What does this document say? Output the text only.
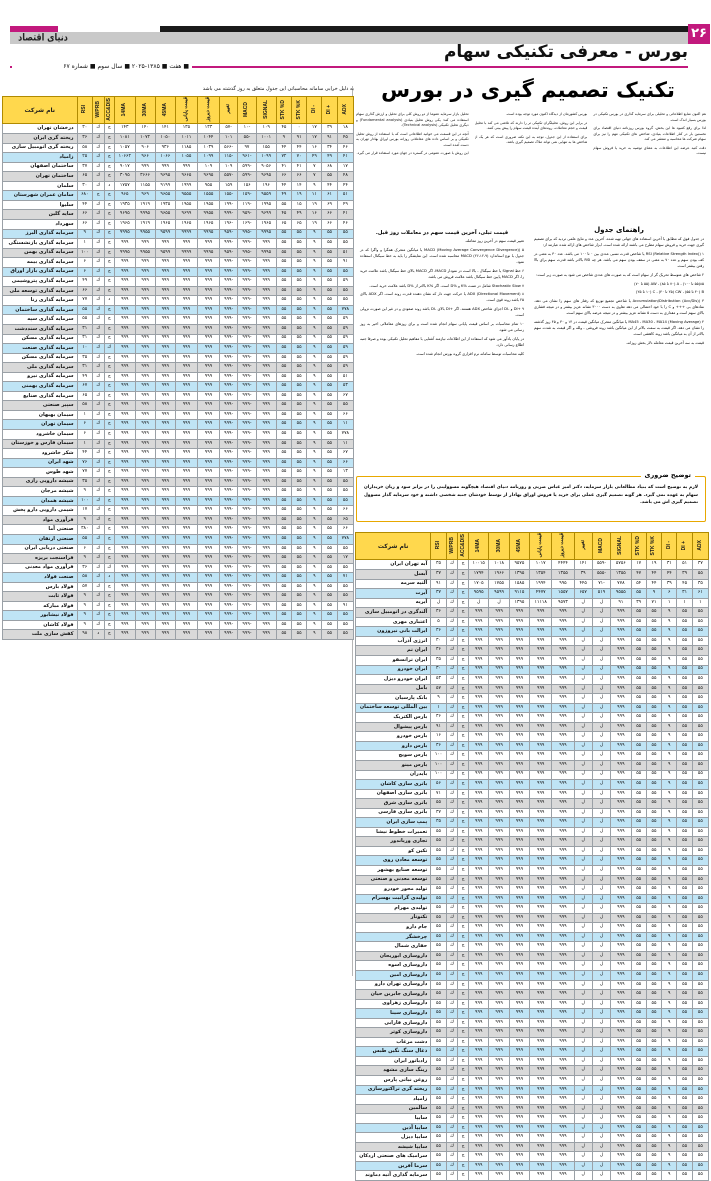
دنیای اقتصاد	۲۶
بورس - معرفی تکنیکی سهام
■ هفت ■ ۱۳۸۵-۲۰۲۵ ■ سال سوم ■ شماره ۶۷
تکنیک تصمیم گیری در بورس

تحلیل بازار سرمایه عموما از دو روش کلی برای تحلیل و ارزش گذاری سهام استفاده می کند: یکی روش تحلیل بنیادی (Fundamental analysis) و دیگری تحلیل تکنیکی (Technical analysis).

آنچه در این قسمت می خوانید اطلاعاتی است که با استفاده از روش تحلیل تکنیکی و بر اساس داده های معاملاتی روزانه بورس اوراق بهادار تهران به دست آمده است.

این روش با صورت عمومی در گستره در جهان مورد استفاده قرار می گیرد.

بورس کشورمان از دیدگاه اکنون مورد توجه بوده است.

در برابر این روش، تحلیلگران تکنیکی تر را دارند که تلاشی می کند با تحلیل قیمت و حجم معاملات، روندهای آینده قیمت سهام را پیش بینی کنند.

برای استفاده از این جدول، توجه به این نکته ضروری است که هر یک از شاخص ها به تنهایی نمی تواند ملاک تصمیم گیری باشد.

هم اکنون منابع اطلاعاتی و تحلیلی برای سرمایه گذاری در بورس تکنیکی در بورس بسیار اندک است.

لذا برای رفع کمبود ها این بخش، گروه بورس روزنامه دنیای اقتصاد برای نخستین بار در کنار اطلاعات بنیادی، شاخص های تکنیکی مهم را نیز برای سهام شرکت ها محاسبه و منتشر می کند.

دقت کنید عرضه این اطلاعات به معنای توصیه به خرید یا فروش سهام نیست.

راهنمای جدول

در جدول فوق که مطابق با آخرین استفاده های جهانی تهیه شده، آخرین عدد و نتایج علمی تردید که برای تصمیم گیری جهت خرید و فروش سهام مطرح می باشند ارائه شده است. ابزار شاخص های ارائه شده عبارتند از:

۱ (RSI (Relative Strength Index) یا شاخص قدرت نسبی عددی بین ۰ تا ۱۰۰ می باشد. عدد ۳۰ به معنی در کف بودن سهم و عدد ۷۰ به معنی در سقف بودن سهم می باشد. هر چه RSI بالاتر باشد قدرت سهم برای بالا رفتن بیشتر است.

۲ شاخص های متوسط تحریک گر از سهام است که به صورت های عددی شاخص می شود به صورت زیر است:

۸۵(۵۵ تا ۱۰۰) ، A (۷۰ تا ۸۵) ، AW (۵۵ تا ۷۰)

B (۴۰ تا ۵۵) ، CW (۲۵ تا ۴۰) ، C (۱۰ تا ۲۵)

۳ (Accumulation/Distribution (Acc/Dis) یا شاخص تجمیع توزیع که رفتار های سهم را نشان می دهد. نمادهای بی +++ و C را با خود احتمالی می دهد تقاوی به دست ۳۰۰۰ نشانه عزیز بیشتر و در نتیجه فشاری بالای سهم است و مقداری به دست ۵ نشانه عزیز بیشتر و در نتیجه عرضه بالای سهم است.

۴ (Moving Average) MA45 ، MA30 ، MA14 یا میانگین متحرک میانگین قیمت در ۱۴ و ۳۰ و ۴۵ روز گذشته را نشان می دهد. اگر قیمت به سمت بالاتر از این میانگین باشد روند فروشی - ولله و اگر قیمت به شدت سهم بالاتر از آن به میانگین باشد روند کاهشی است.

قیمت به سه آخرین قیمت معامله دلار بخش روزانه.

قیمت تبلی، آخرین قیمت سهم در معاملات روز قبل.

تغییر قیمت سهم در آخرین روز معامله.

۵ (MACD (Moving Average Convergence Divergence) یا میانگین متحرک همگرا و واگرا که در جدول با نوع استاندارد (۲۶،۱۲،۹) MACD محاسبه شده است. این نمایشگر را باید به خط سیگنال استفاده نمود.

۶ خط Signal یا خط سیگنال - بالا است در نمودار MACD. اگر MACD بالای خط سیگنال باشد علامت خرید را، اگر MACD پایین خط سیگنال باشد علامت فروش می باشد.

۷ Stochastic Slow شامل در تست %K و %D است. اگر %K بالاتر از %D باشد علامت خرید است.

۸ (Directional Movement) ADX یا حرکت جهت دار که نشان دهنده قدرت روند است. اگر ADX بالای ۲۵ باشد روند قوی است.

۹ +DI و -DI اجزای شاخص ADX هستند. اگر +DI بالای -DI باشد روند صعودی و در غیر این صورت نزولی است.

۱۰ تمام محاسبات بر اساس قیمت پایانی سهام انجام شده است و برای روزهای معاملاتی اخیر به روز رسانی می شود.

در پایان یادآور می شود که استفاده از این اطلاعات نیازمند آشنایی با مفاهیم تحلیل تکنیکی بوده و صرفا جنبه اطلاع رسانی دارد.

کلیه محاسبات توسط سامانه نرم افزاری گروه بورس انجام شده است.

توضیح ضروری

لازم به توضیح است که بنیاد مطالعاتی بازار سرمایه، دکتر امیر عباس ضربی و روزنامه دنیای اقتصاد هیچگونه مسوولیتی را در برابر سود و زیان خریداران سهام به عهده نمی گیرد. هر گونه تصمیم گیری عملی برای خرید یا فروش اوراق بهادار از توسط خودشان جنبه شخصی داشته و خود سرمایه گذار مسوول تصمیم گیری اش می باشد.

ADX	+ DI	- DI	STK %K	STK %D	SIGNAL	MACD	تغییر	قیمت دیروز	قیمت پایانی	45MA	30MA	14MA	ACC&DIS	W/PRB	RSI	نام شرکت
۳۷	۵۱	۳۱	۱۹	۱۷	۵۷۵۶	-۵۵۹	۱۴۱	۴۴۴۴	۱۰۱۷	۹۵۷۵	۱۰۱۸	۱۰۰۱۵	ج	ك	۳۵	آبه تهران ایران
۵۵	۳۹	۴۴	۴۴	۴۷	۱۳۵۵	-۵۵۵	۳۹	۱۳۵۵	۱۳۵۴	۱۳۹۵	۱۹۶۶	۱۷۹۴	ج	ك	۳۷	آبسل
۳۵	۴۵	۳۹	۴۴	۵۴	۷۷۸	-۷۱	۴۴۵	۹۹۵	۱۹۹۴	۱۵۸۵	۱۷۵۵	۱۷۰۵	ج	ك	۹۱	آلتیه سرمه
۶۱	۳۱	۶	۹	۵۵	۹۵۵۵	۵۱۹	۶۵۷	۱۵۵۷	۴۴۷۷	۹۱۱۵	۹۵۹۹	۹۵۹۵	ج	ك	۳۷	آیرت
۱	۱	۱	۷۱	۳۹	۹۱	ل	ل	۹۵۷۳	۱۱۱۱۸	۱۳۹۵	ل	ل	ج	ك	ل	آیربه
۵۵	۵۵	۹	۵۵	۵۵	۹۹۹	ل	ل	۹۹۹	۹۹۹	۹۹۹	۹۹۹	۹۹۹	ج	ك	۳۶	آلندگری در اتومبیل سازی
۵۵	۵۵	۹	۵۵	۵۵	۹۹۹	ل	ل	۹۹۹	۹۹۹	۹۹۹	۹۹۹	۹۹۹	ج	ك	۵	اعتباری مهری
۵۵	۵۵	۹	۵۵	۵۵	۹۹۹	ل	ل	۹۹۹	۹۹۹	۹۹۹	۹۹۹	۹۹۹	ج	ك	۳۶	ایرالت بانی نیروزون
۵۵	۵۵	۹	۵۵	۵۵	۹۹۹	ل	ل	۹۹۹	۹۹۹	۹۹۹	۹۹۹	۹۹۹	ج	ك	۳۰	انرژی آذرآب
۵۵	۵۵	۹	۵۵	۵۵	۹۹۹	ل	ل	۹۹۹	۹۹۹	۹۹۹	۹۹۹	۹۹۹	ج	ك	۳۶	ایران تم
۵۵	۵۵	۹	۵۵	۵۵	۹۹۹	ل	ل	۹۹۹	۹۹۹	۹۹۹	۹۹۹	۹۹۹	ج	ك	۳۵	ایران ترانسفو
۵۵	۵۵	۹	۵۵	۵۵	۹۹۹	ل	ل	۹۹۹	۹۹۹	۹۹۹	۹۹۹	۹۹۹	ج	ك	۳۰	ایران خودرو
۵۵	۵۵	۹	۵۵	۵۵	۹۹۹	ل	ل	۹۹۹	۹۹۹	۹۹۹	۹۹۹	۹۹۹	ج	ك	۵۳	ایران خودرو دیزل
۵۵	۵۵	۹	۵۵	۵۵	۹۹۹	ل	ل	۹۹۹	۹۹۹	۹۹۹	۹۹۹	۹۹۹	ج	ك	۵۷	بامل
۵۵	۵۵	۹	۵۵	۵۵	۹۹۹	ل	ل	۹۹۹	۹۹۹	۹۹۹	۹۹۹	۹۹۹	ج	ك	۹	بانک پارسیان
۵۵	۵۵	۹	۵۵	۵۵	۹۹۹	ل	ل	۹۹۹	۹۹۹	۹۹۹	۹۹۹	۹۹۹	ج	ك	۱	بین المللی توسعه ساختمان
۵۵	۵۵	۹	۵۵	۵۵	۹۹۹	ل	ل	۹۹۹	۹۹۹	۹۹۹	۹۹۹	۹۹۹	ج	ك	۳۶	بارس الکتریک
۵۵	۵۵	۹	۵۵	۵۵	۹۹۹	ل	ل	۹۹۹	۹۹۹	۹۹۹	۹۹۹	۹۹۹	ج	ك	۹۱	بارس پیشوال
۵۵	۵۵	۹	۵۵	۵۵	۹۹۹	ل	ل	۹۹۹	۹۹۹	۹۹۹	۹۹۹	۹۹۹	ج	ك	۱۶	بارس خودرو
۵۵	۵۵	۹	۵۵	۵۵	۹۹۹	ل	ل	۹۹۹	۹۹۹	۹۹۹	۹۹۹	۹۹۹	ج	ك	۳۶	بارس دارو
۵۵	۵۵	۹	۵۵	۵۵	۹۹۹	ل	ل	۹۹۹	۹۹۹	۹۹۹	۹۹۹	۹۹۹	ج	ك	۱۰۰	بارس سویچ
۵۵	۵۵	۹	۵۵	۵۵	۹۹۹	ل	ل	۹۹۹	۹۹۹	۹۹۹	۹۹۹	۹۹۹	ج	ك	۱۰۰	بارس مینو
۵۵	۵۵	۹	۵۵	۵۵	۹۹۹	ل	ل	۹۹۹	۹۹۹	۹۹۹	۹۹۹	۹۹۹	ج	ك	۱۰۰	بایدران
۵۵	۵۵	۹	۵۵	۵۵	۹۹۹	ل	ل	۹۹۹	۹۹۹	۹۹۹	۹۹۹	۹۹۹	ج	ك	۵۶	باتری سازی کاشان
۵۵	۵۵	۹	۵۵	۵۵	۹۹۹	ل	ل	۹۹۹	۹۹۹	۹۹۹	۹۹۹	۹۹۹	ج	ك	۷۱	باتری سازی اصفهان
۵۵	۵۵	۹	۵۵	۵۵	۹۹۹	ل	ل	۹۹۹	۹۹۹	۹۹۹	۹۹۹	۹۹۹	ج	ك	۵۵	باتری سازی شرق
۵۵	۵۵	۹	۵۵	۵۵	۹۹۹	ل	ل	۹۹۹	۹۹۹	۹۹۹	۹۹۹	۹۹۹	ج	ك	۳۷	باتری سازی فارسی
۵۵	۵۵	۹	۵۵	۵۵	۹۹۹	ل	ل	۹۹۹	۹۹۹	۹۹۹	۹۹۹	۹۹۹	ج	ك	۳۵	پمپ سازی ایران
۵۵	۵۵	۹	۵۵	۵۵	۹۹۹	ل	ل	۹۹۹	۹۹۹	۹۹۹	۹۹۹	۹۹۹	ج	ك	۵۵	تعمیرات خطوط نیشا
۵۵	۵۵	۹	۵۵	۵۵	۹۹۹	ل	ل	۹۹۹	۹۹۹	۹۹۹	۹۹۹	۹۹۹	ج	ك	۵۵	تجاری وریاندور
۵۵	۵۵	۹	۵۵	۵۵	۹۹۹	ل	ل	۹۹۹	۹۹۹	۹۹۹	۹۹۹	۹۹۹	ج	ك	۵۵	تکین کو
۵۵	۵۵	۹	۵۵	۵۵	۹۹۹	ل	ل	۹۹۹	۹۹۹	۹۹۹	۹۹۹	۹۹۹	ج	ك	۵۵	توسعه معادن روی
۵۵	۵۵	۹	۵۵	۵۵	۹۹۹	ل	ل	۹۹۹	۹۹۹	۹۹۹	۹۹۹	۹۹۹	ج	ك	۵۵	توسعه صنایع بهشهر
۵۵	۵۵	۹	۵۵	۵۵	۹۹۹	ل	ل	۹۹۹	۹۹۹	۹۹۹	۹۹۹	۹۹۹	ج	ك	۵۵	توسعه معدنی و صنعتی
۵۵	۵۵	۹	۵۵	۵۵	۹۹۹	ل	ل	۹۹۹	۹۹۹	۹۹۹	۹۹۹	۹۹۹	ج	ك	۵۵	تولید محور خودرو
۵۵	۵۵	۹	۵۵	۵۵	۹۹۹	ل	ل	۹۹۹	۹۹۹	۹۹۹	۹۹۹	۹۹۹	ج	ك	۵۵	تولیدی گرانیت بهسرام
۵۵	۵۵	۹	۵۵	۵۵	۹۹۹	ل	ل	۹۹۹	۹۹۹	۹۹۹	۹۹۹	۹۹۹	ج	ك	۵۵	تولیدی مهرام
۵۵	۵۵	۹	۵۵	۵۵	۹۹۹	ل	ل	۹۹۹	۹۹۹	۹۹۹	۹۹۹	۹۹۹	ج	ك	۵۵	تکنوتار
۵۵	۵۵	۹	۵۵	۵۵	۹۹۹	ل	ل	۹۹۹	۹۹۹	۹۹۹	۹۹۹	۹۹۹	ج	ك	۵۵	جام دارو
۵۵	۵۵	۹	۵۵	۵۵	۹۹۹	ل	ل	۹۹۹	۹۹۹	۹۹۹	۹۹۹	۹۹۹	ج	ك	۵۵	چرخشگر
۵۵	۵۵	۹	۵۵	۵۵	۹۹۹	ل	ل	۹۹۹	۹۹۹	۹۹۹	۹۹۹	۹۹۹	ج	ك	۵۵	حفاری شمال
۵۵	۵۵	۹	۵۵	۵۵	۹۹۹	ل	ل	۹۹۹	۹۹۹	۹۹۹	۹۹۹	۹۹۹	ج	ك	۵۵	داروسازی ابوریحان
۵۵	۵۵	۹	۵۵	۵۵	۹۹۹	ل	ل	۹۹۹	۹۹۹	۹۹۹	۹۹۹	۹۹۹	ج	ك	۵۵	داروسازی اسوه
۵۵	۵۵	۹	۵۵	۵۵	۹۹۹	ل	ل	۹۹۹	۹۹۹	۹۹۹	۹۹۹	۹۹۹	ج	ك	۵۵	داروسازی امین
۵۵	۵۵	۹	۵۵	۵۵	۹۹۹	ل	ل	۹۹۹	۹۹۹	۹۹۹	۹۹۹	۹۹۹	ج	ك	۵۵	داروسازی تهران دارو
۵۵	۵۵	۹	۵۵	۵۵	۹۹۹	ل	ل	۹۹۹	۹۹۹	۹۹۹	۹۹۹	۹۹۹	ج	ك	۵۵	داروسازی جابربن حیان
۵۵	۵۵	۹	۵۵	۵۵	۹۹۹	ل	ل	۹۹۹	۹۹۹	۹۹۹	۹۹۹	۹۹۹	ج	ك	۵۵	داروسازی زهراوی
۵۵	۵۵	۹	۵۵	۵۵	۹۹۹	ل	ل	۹۹۹	۹۹۹	۹۹۹	۹۹۹	۹۹۹	ج	ك	۵۵	داروسازی سینا
۵۵	۵۵	۹	۵۵	۵۵	۹۹۹	ل	ل	۹۹۹	۹۹۹	۹۹۹	۹۹۹	۹۹۹	ج	ك	۵۵	داروسازی فارابی
۵۵	۵۵	۹	۵۵	۵۵	۹۹۹	ل	ل	۹۹۹	۹۹۹	۹۹۹	۹۹۹	۹۹۹	ج	ك	۵۵	داروسازی کوثر
۵۵	۵۵	۹	۵۵	۵۵	۹۹۹	ل	ل	۹۹۹	۹۹۹	۹۹۹	۹۹۹	۹۹۹	ج	ك	۵۵	دشت مرغاب
۵۵	۵۵	۹	۵۵	۵۵	۹۹۹	ل	ل	۹۹۹	۹۹۹	۹۹۹	۹۹۹	۹۹۹	ج	ك	۵۵	ذغال سنگ نگین طبس
۵۵	۵۵	۹	۵۵	۵۵	۹۹۹	ل	ل	۹۹۹	۹۹۹	۹۹۹	۹۹۹	۹۹۹	ج	ك	۵۵	رادیاتور ایران
۵۵	۵۵	۹	۵۵	۵۵	۹۹۹	ل	ل	۹۹۹	۹۹۹	۹۹۹	۹۹۹	۹۹۹	ج	ك	۵۵	رینگ سازی مشهد
۵۵	۵۵	۹	۵۵	۵۵	۹۹۹	ل	ل	۹۹۹	۹۹۹	۹۹۹	۹۹۹	۹۹۹	ج	ك	۵۵	روغن نباتی پارس
۵۵	۵۵	۹	۵۵	۵۵	۹۹۹	ل	ل	۹۹۹	۹۹۹	۹۹۹	۹۹۹	۹۹۹	ج	ك	۵۵	ریخته گری تراکتورسازی
۵۵	۵۵	۹	۵۵	۵۵	۹۹۹	ل	ل	۹۹۹	۹۹۹	۹۹۹	۹۹۹	۹۹۹	ج	ك	۵۵	زامیاد
۵۵	۵۵	۹	۵۵	۵۵	۹۹۹	ل	ل	۹۹۹	۹۹۹	۹۹۹	۹۹۹	۹۹۹	ج	ك	۵۵	سالمین
۵۵	۵۵	۹	۵۵	۵۵	۹۹۹	ل	ل	۹۹۹	۹۹۹	۹۹۹	۹۹۹	۹۹۹	ج	ك	۵۵	سایپا
۵۵	۵۵	۹	۵۵	۵۵	۹۹۹	ل	ل	۹۹۹	۹۹۹	۹۹۹	۹۹۹	۹۹۹	ج	ك	۵۵	سایپا آذین
۵۵	۵۵	۹	۵۵	۵۵	۹۹۹	ل	ل	۹۹۹	۹۹۹	۹۹۹	۹۹۹	۹۹۹	ج	ك	۵۵	سایپا دیزل
۵۵	۵۵	۹	۵۵	۵۵	۹۹۹	ل	ل	۹۹۹	۹۹۹	۹۹۹	۹۹۹	۹۹۹	ج	ك	۵۵	سایپا شیشه
۵۵	۵۵	۹	۵۵	۵۵	۹۹۹	ل	ل	۹۹۹	۹۹۹	۹۹۹	۹۹۹	۹۹۹	ج	ك	۵۵	سرامیک های صنعتی اردکان
۵۵	۵۵	۹	۵۵	۵۵	۹۹۹	ل	ل	۹۹۹	۹۹۹	۹۹۹	۹۹۹	۹۹۹	ج	ك	۵۵	سرما آفرین
۵۵	۵۵	۹	۵۵	۵۵	۹۹۹	ل	ل	۹۹۹	۹۹۹	۹۹۹	۹۹۹	۹۹۹	ج	ك	۵۵	سرمایه گذاری آتیه دماوند
به دلیل خرابی سامانه محاسباتی این جدول متعلق به روز گذشته می باشد
ADX	+ DI	- DI	STK %K	STK %D	SIGNAL	MACD	تغییر	قیمت دیروز	قیمت پایانی	45MA	30MA	14MA	ACC&DIS	W/PRB	RSI	نام شرکت
۱۸	۳۹	۱۷	۰	۴۵	۱۰۹	-۱۰	-۵۷	۱۳۳	۱۳۵	۱۴۱	۱۴۰	۱۴۳	ج	ك	۳۰	درخشان تهران
۴۵	۹۱	۱۷	۹۱	۹	۱۰۰۱	-۵۵	۱۰۱	۱۰۴۴	۱۰۱۱	۱۰۵۰	۱۰۷۲	۱۰۸۱	ج	ك	۳۶	ریخته گری ایران
۴۶	۳۴	۱۶	۴۴	۴۴	۱۵۵	۹۷	-۵۶۶	۱۰۳۹	۱۱۸۵	۹۳۶	۹۰۶	۱۰۵۷	ج	ك	۵۸	ریخته گری اتومبیل سازی
۴۱	۴۹	۴۹	۷۰	۷۲	۱۰۹۹	-۹۶۱	-۱۱۵	۱۰۹۹	۱۰۵۵	۱۰۶۶	۹۶۶	۱۰۶۶۲	ج	ك	۲۵	زامیاد
۱۷	۶۸	۷	۴۱	۴۱	۹۰۵۶	-۵۹۹	۱۰۹	۱۰۹	۹۹۹	۹۹۹	۹۹۹	۹۰۱۷	ج	ك	۳۷	ساختمان اصفهان
۴۸	۵۵	۷	۶۶	۶۶	۹۶۹۵	-۵۹۹	-۵۵۷	۹۶۹۵	۹۶۶۵	۹۶۹۵	۳۶۶۶	۳۰۹۵	ج	ك	۶۵	ساختمان تهران
۴۴	۴۴	۹	۱۴	۴۴	۱۹۶	۱۵۶	۱۵۹	۹۵۵	۱۹۹۹	۹۱۹۹	۱۱۵۵	۱۷۵۷	د	ك	۳۰	سلمان
۵۱	۶۱	۱۱	۱۹	۴۹	۹۵۵۹	-۱۵۹	-۱۵۵	۱۵۵۵	۹۵۵۵	۹۶۵۵	۹۶۹	۹۶۵	ج	ج	۶۸۰	سامان عمران شهرستان
۴۹	۶۹	۱۹	۱۵	۵۵	۱۹۹۵	-۱۱۹	-۱۹۹	۱۹۵۵	۱۹۵۵	۱۹۳۵	۱۹۱۹	۱۹۳۵	ج	ك	۴۴	سلیوا
۴۱	۶۶	۱۶	۴۹	۴۵	۹۶۹۹	-۹۵۹	-۹۹۹	۹۹۵۵	۹۶۹۹	۹۶۵۵	۹۹۹۵	۹۶۹۵	ج	ك	۶۶	سایه گلین
۴۶	۶۶	۱۹	۶۵	۶۵	۱۹۶۵	-۱۶۹	-۱۹۶	۱۹۶۵	۱۹۶۵	۱۹۶۵	۱۹۱۹	۱۹۶۵	ج	ك	۶۶	سهرداد
۵۵	۵۵	۹	۵۵	۵۵	۹۹۹۵	-۹۹۵	-۹۵۹	۹۹۹۵	۹۹۹۹	۹۵۹۹	۹۹۵۵	۹۹۹۵	ج	ك	۹	سرمایه گذاری البرز
۵۵	۵۵	۹	۵۵	۵۵	۹۹۹	-۹۹۹	-۹۹۹	۹۹۹	۹۹۹	۹۹۹	۹۹۹	۹۹۹	ج	ك	۱	سرمایه گذاری بازنشستگی
۵۱	۵۵	۹	۵۵	۵۵	۹۹۹۵	-۹۹۵	-۹۵۹	۹۹۹۵	۹۹۹۹	۹۵۹۹	۹۹۵۵	۹۹۹۵	ج	ك	۱۰۰	سرمایه گذاری بهمن
۹۱	۵۵	۹	۵۵	۵۵	۹۹۹	-۹۹۹	-۹۹۹	۹۹۹	۹۹۹	۹۹۹	۹۹۹	۹۹۹	ج	ك	۶	سرمایه گذاری بیمه
۵۵	۵۵	۹	۵۵	۵۵	۹۹۹	-۹۹۹	-۹۹۹	۹۹۹	۹۹۹	۹۹۹	۹۹۹	۹۹۹	ج	ك	۶	سرمایه گذاری بازار اوراق
۵۹	۵۵	۹	۵۵	۵۵	۹۹۹	-۹۹۹	-۹۹۹	۹۹۹	۹۹۹	۹۹۹	۹۹۹	۹۹۹	ج	ك	۴۹	سرمایه گذاری پتروشیمی
۵۵	۵۵	۹	۵۵	۵۵	۹۹۹	-۹۹۹	-۹۹۹	۹۹۹	۹۹۹	۹۹۹	۹۹۹	۹۹۹	ج	ك	۶۶	سرمایه گذاری توسعه ملی
۵۵	۵۵	۹	۵۵	۵۵	۹۹۹	-۹۹۹	-۹۹۹	۹۹۹	۹۹۹	۹۹۹	۹۹۹	۹۹۹	د	ك	۷۷	سرمایه گذاری رنا
۷۷۸	۵۵	۹	۵۵	۵۵	۹۹۹	-۹۹۹	-۹۹۹	۹۹۹	۹۹۹	۹۹۹	۹۹۹	۹۹۹	ج	ك	۵۵	سرمایه گذاری ساختمان
۵۹	۵۵	۹	۵۵	۵۵	۹۹۹	-۹۹۹	-۹۹۹	۹۹۹	۹۹۹	۹۹۹	۹۹۹	۹۹۹	ج	ك	۵۵	سرمایه گذاری سپه
۵۹	۵۵	۹	۵۵	۵۵	۹۹۹	-۹۹۹	-۹۹۹	۹۹۹	۹۹۹	۹۹۹	۹۹۹	۹۹۹	ج	ك	۳۱	سرمایه گذاری سنددشت
۵۹	۵۵	۹	۵۵	۵۵	۹۹۹	-۹۹۹	-۹۹۹	۹۹۹	۹۹۹	۹۹۹	۹۹۹	۹۹۹	ج	ك	۳۱	سرمایه گذاری مسکن
۵۹	۵۵	۹	۵۵	۵۵	۹۹۹	-۹۹۹	-۹۹۹	۹۹۹	۹۹۹	۹۹۹	۹۹۹	۹۹۹	ك	ك	۱۰	سرمایه گذاری صنعت
۵۹	۵۵	۹	۵۵	۵۵	۹۹۹	-۹۹۹	-۹۹۹	۹۹۹	۹۹۹	۹۹۹	۹۹۹	۹۹۹	ج	ك	۳۵	سرمایه گذاری مسکن
۵۹	۵۵	۹	۵۵	۵۵	۹۹۹	-۹۹۹	-۹۹۹	۹۹۹	۹۹۹	۹۹۹	۹۹۹	۹۹۹	ج	ك	۳۱	سرمایه گذاری ملی
۵۱	۵۵	۹	۵۵	۵۵	۹۹۹	-۹۹۹	-۹۹۹	۹۹۹	۹۹۹	۹۹۹	۹۹۹	۹۹۹	ج	ك	۴۹	سرمایه گذاری نیرو
۵۳	۵۵	۹	۵۵	۵۵	۹۹۹	-۹۹۹	-۹۹۹	۹۹۹	۹۹۹	۹۹۹	۹۹۹	۹۹۹	ج	ك	۶۷	سرمایه گذاری بهمنی
۶۷	۵۵	۹	۵۵	۵۵	۹۹۹	-۹۹۹	-۹۹۹	۹۹۹	۹۹۹	۹۹۹	۹۹۹	۹۹۹	ج	ك	۶۵	سرمایه گذاری صنایع
۵۵	۵۵	۹	۵۵	۵۵	۹۹۹	-۹۹۹	-۹۹۹	۹۹۹	۹۹۹	۹۹۹	۹۹۹	۹۹۹	ج	ك	۵۸	سپیر صنعتی
۶۶	۵۵	۹	۵۵	۵۵	۹۹۹	-۹۹۹	-۹۹۹	۹۹۹	۹۹۹	۹۹۹	۹۹۹	۹۹۹	ج	ك	۱	سیمان بهبهان
۱۱	۵۵	۹	۵۵	۵۵	۹۹۹	-۹۹۹	-۹۹۹	۹۹۹	۹۹۹	۹۹۹	۹۹۹	۹۹۹	ج	ك	۶	سیمان تهران
۷۷۸	۵۵	۹	۵۵	۵۵	۹۹۹	-۹۹۹	-۹۹۹	۹۹۹	۹۹۹	۹۹۹	۹۹۹	۹۹۹	ج	ك	۶	سیمان خاشرود
۱۱	۵۵	۹	۵۵	۵۵	۹۹۹	-۹۹۹	-۹۹۹	۹۹۹	۹۹۹	۹۹۹	۹۹۹	۹۹۹	ج	ك	۱	سیمان فارس و خوزستان
۶۷	۵۵	۹	۵۵	۵۵	۹۹۹	-۹۹۹	-۹۹۹	۹۹۹	۹۹۹	۹۹۹	۹۹۹	۹۹۹	ج	ك	۴۴	شکر خاشرود
۶۶	۵۵	۹	۵۵	۵۵	۹۹۹	-۹۹۹	-۹۹۹	۹۹۹	۹۹۹	۹۹۹	۹۹۹	۹۹۹	ج	ك	۷۶	شهد ایران
۱۳	۵۵	۹	۵۵	۵۵	۹۹۹	-۹۹۹	-۹۹۹	۹۹۹	۹۹۹	۹۹۹	۹۹۹	۹۹۹	ج	ك	۷۷	شهد طوس
۵۵	۵۵	۹	۵۵	۵۵	۹۹۹	-۹۹۹	-۹۹۹	۹۹۹	۹۹۹	۹۹۹	۹۹۹	۹۹۹	ج	ك	۳۵	شیشه دارویی رازی
۵۵	۵۵	۹	۵۵	۵۵	۹۹۹	-۹۹۹	-۹۹۹	۹۹۹	۹۹۹	۹۹۹	۹۹۹	۹۹۹	ج	ك	۹	شیشه مرجان
۵۵	۵۵	۹	۵۵	۵۵	۹۹۹	-۹۹۹	-۹۹۹	۹۹۹	۹۹۹	۹۹۹	۹۹۹	۹۹۹	ج	ك	۱۰۰	شیشه همدان
۶۶	۵۵	۹	۵۵	۵۵	۹۹۹	-۹۹۹	-۹۹۹	۹۹۹	۹۹۹	۹۹۹	۹۹۹	۹۹۹	ج	ك	۱۷	شیمی دارویی دارو پخش
۶۵	۵۵	۹	۵۵	۵۵	۹۹۹	-۹۹۹	-۹۹۹	۹۹۹	۹۹۹	۹۹۹	۹۹۹	۹۹۹	ج	ك	۹	فرآوری مواد
۶۶	۵۵	۹	۵۵	۵۵	۹۹۹	-۹۹۹	-۹۹۹	۹۹۹	۹۹۹	۹۹۹	۹۹۹	۹۹۹	ج	ك	۳۸۰	صنعتی آما
۷۷۸	۵۵	۹	۵۵	۵۵	۹۹۹	-۹۹۹	-۹۹۹	۹۹۹	۹۹۹	۹۹۹	۹۹۹	۹۹۹	ج	ك	۵۵	صنعتی ارتفان
۵۵	۵۵	۹	۵۵	۵۵	۹۹۹	-۹۹۹	-۹۹۹	۹۹۹	۹۹۹	۹۹۹	۹۹۹	۹۹۹	ج	ك	۶	صنعتی دریایی ایران
۱۷	۵۵	۹	۵۵	۵۵	۹۹۹	-۹۹۹	-۹۹۹	۹۹۹	۹۹۹	۹۹۹	۹۹۹	۹۹۹	ج	ك	۹	فراسنجت بریزه
۵۵	۵۵	۹	۵۵	۵۵	۹۹۹	-۹۹۹	-۹۹۹	۹۹۹	۹۹۹	۹۹۹	۹۹۹	۹۹۹	ك	ك	۳۶	فرآوری مواد معدنی
۷۱	۵۵	۹	۵۵	۵۵	۹۹۹	-۹۹۹	-۹۹۹	۹۹۹	۹۹۹	۹۹۹	۹۹۹	۹۹۹	د	ك	۵۸	صنعت فولاد
۵۵	۵۵	۹	۵۵	۵۵	۹۹۹	-۹۹۹	-۹۹۹	۹۹۹	۹۹۹	۹۹۹	۹۹۹	۹۹۹	ج	ك	۵۷	فولاد بارس
۵۵	۵۵	۹	۵۵	۵۵	۹۹۹	-۹۹۹	-۹۹۹	۹۹۹	۹۹۹	۹۹۹	۹۹۹	۹۹۹	ج	ك	۹	فولاد ثابت
۹۱	۵۵	۹	۵۵	۵۵	۹۹۹	-۹۹۹	-۹۹۹	۹۹۹	۹۹۹	۹۹۹	۹۹۹	۹۹۹	ج	ك	۹	فولاد مبارکه
۵۵	۵۵	۹	۵۵	۵۵	۹۹۹	-۹۹۹	-۹۹۹	۹۹۹	۹۹۹	۹۹۹	۹۹۹	۹۹۹	ج	ك	۹	فولاد نیشابور
۵۵	۵۵	۹	۵۵	۵۵	۹۹۹	-۹۹۹	-۹۹۹	۹۹۹	۹۹۹	۹۹۹	۹۹۹	۹۹۹	ج	ك	۹	فولاد کاشان
۵۵	۵۵	۹	۵۵	۵۵	۹۹۹	-۹۹۹	-۹۹۹	۹۹۹	۹۹۹	۹۹۹	۹۹۹	۹۹۹	ج	د	۹۸	کفش سازی ملت
